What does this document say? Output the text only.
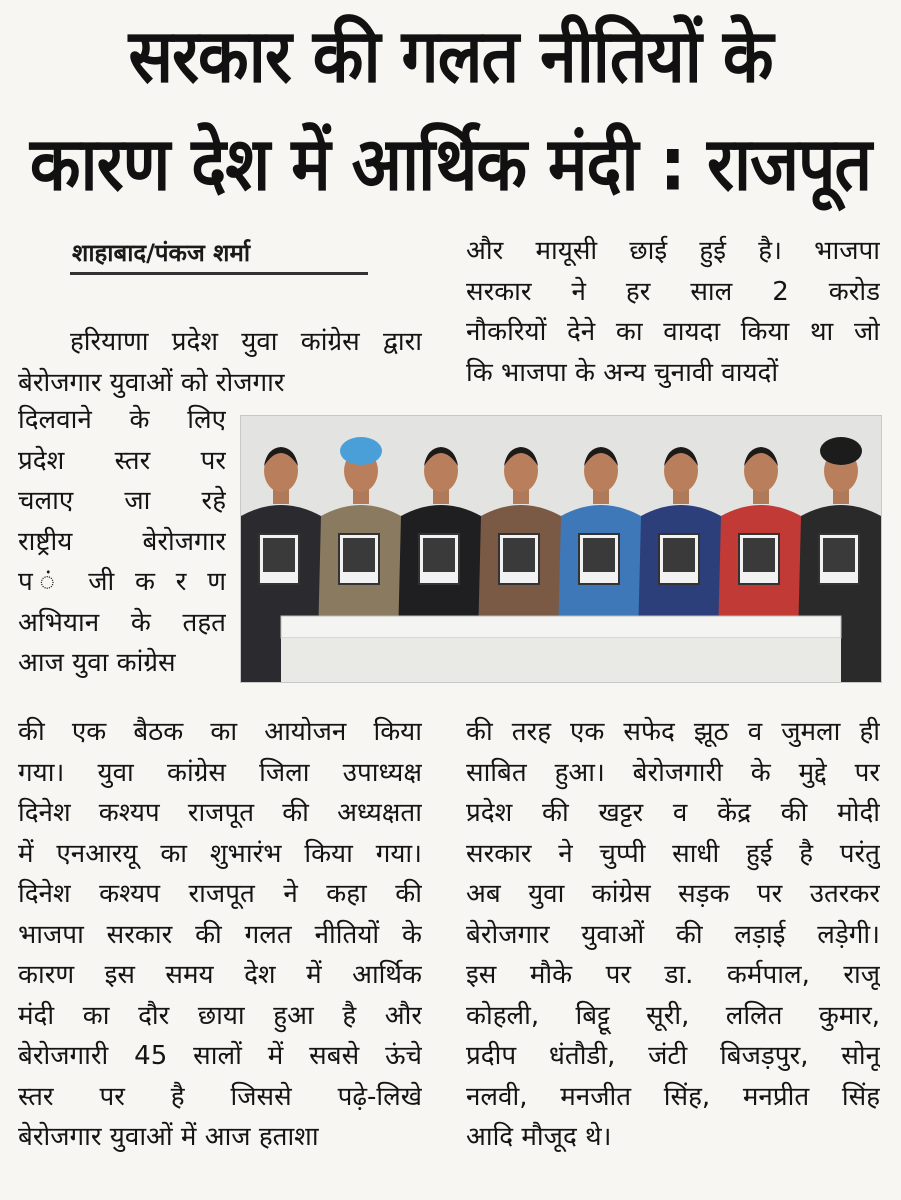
सरकार की गलत नीतियों के
कारण देश में आर्थिक मंदी : राजपूत
शाहाबाद/पंकज शर्मा
हरियाणा प्रदेश युवा कांग्रेस द्वारा
बेरोजगार युवाओं को रोजगार
दिलवाने के लिए
प्रदेश स्तर पर
चलाए जा रहे
राष्ट्रीय बेरोजगार
प ं जी क र ण
अभियान के तहत
आज युवा कांग्रेस
की एक बैठक का आयोजन किया
गया। युवा कांग्रेस जिला उपाध्यक्ष
दिनेश कश्यप राजपूत की अध्यक्षता
में एनआरयू का शुभारंभ किया गया।
दिनेश कश्यप राजपूत ने कहा की
भाजपा सरकार की गलत नीतियों के
कारण इस समय देश में आर्थिक
मंदी का दौर छाया हुआ है और
बेरोजगारी 45 सालों में सबसे ऊंचे
स्तर पर है जिससे पढ़े-लिखे
बेरोजगार युवाओं में आज हताशा
और मायूसी छाई हुई है। भाजपा
सरकार ने हर साल 2 करोड
नौकरियों देने का वायदा किया था जो
कि भाजपा के अन्य चुनावी वायदों
की तरह एक सफेद झूठ व जुमला ही
साबित हुआ। बेरोजगारी के मुद्दे पर
प्रदेश की खट्टर व केंद्र की मोदी
सरकार ने चुप्पी साधी हुई है परंतु
अब युवा कांग्रेस सड़क पर उतरकर
बेरोजगार युवाओं की लड़ाई लड़ेगी।
इस मौके पर डा. कर्मपाल, राजू
कोहली, बिट्टू सूरी, ललित कुमार,
प्रदीप धंतौडी, जंटी बिजड़पुर, सोनू
नलवी, मनजीत सिंह, मनप्रीत सिंह
आदि मौजूद थे।
